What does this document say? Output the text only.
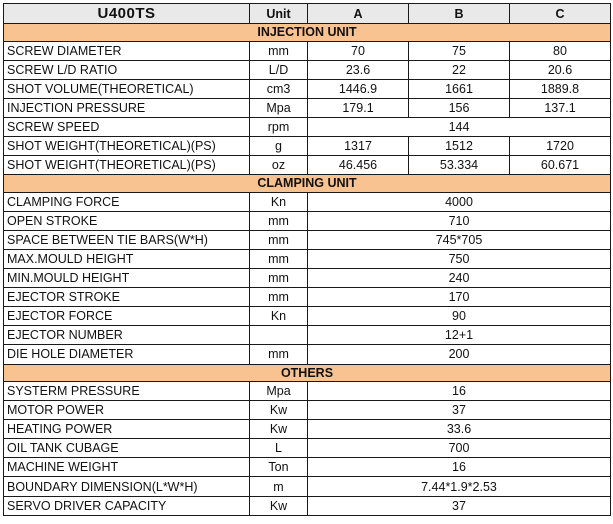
U400TS	Unit	A	B	C
INJECTION UNIT				
SCREW DIAMETER	mm	70	75	80
SCREW L/D RATIO	L/D	23.6	22	20.6
SHOT VOLUME(THEORETICAL)	cm3	1446.9	1661	1889.8
INJECTION PRESSURE	Mpa	179.1	156	137.1
SCREW SPEED	rpm	144		
SHOT WEIGHT(THEORETICAL)(PS)	g	1317	1512	1720
SHOT WEIGHT(THEORETICAL)(PS)	oz	46.456	53.334	60.671
CLAMPING UNIT				
CLAMPING FORCE	Kn	4000		
OPEN STROKE	mm	710		
SPACE BETWEEN TIE BARS(W*H)	mm	745*705		
MAX.MOULD HEIGHT	mm	750		
MIN.MOULD HEIGHT	mm	240		
EJECTOR STROKE	mm	170		
EJECTOR FORCE	Kn	90		
EJECTOR NUMBER		12+1		
DIE HOLE DIAMETER	mm	200		
OTHERS				
SYSTERM PRESSURE	Mpa	16		
MOTOR POWER	Kw	37		
HEATING POWER	Kw	33.6		
OIL TANK CUBAGE	L	700		
MACHINE WEIGHT	Ton	16		
BOUNDARY DIMENSION(L*W*H)	m	7.44*1.9*2.53		
SERVO DRIVER CAPACITY	Kw	37		
